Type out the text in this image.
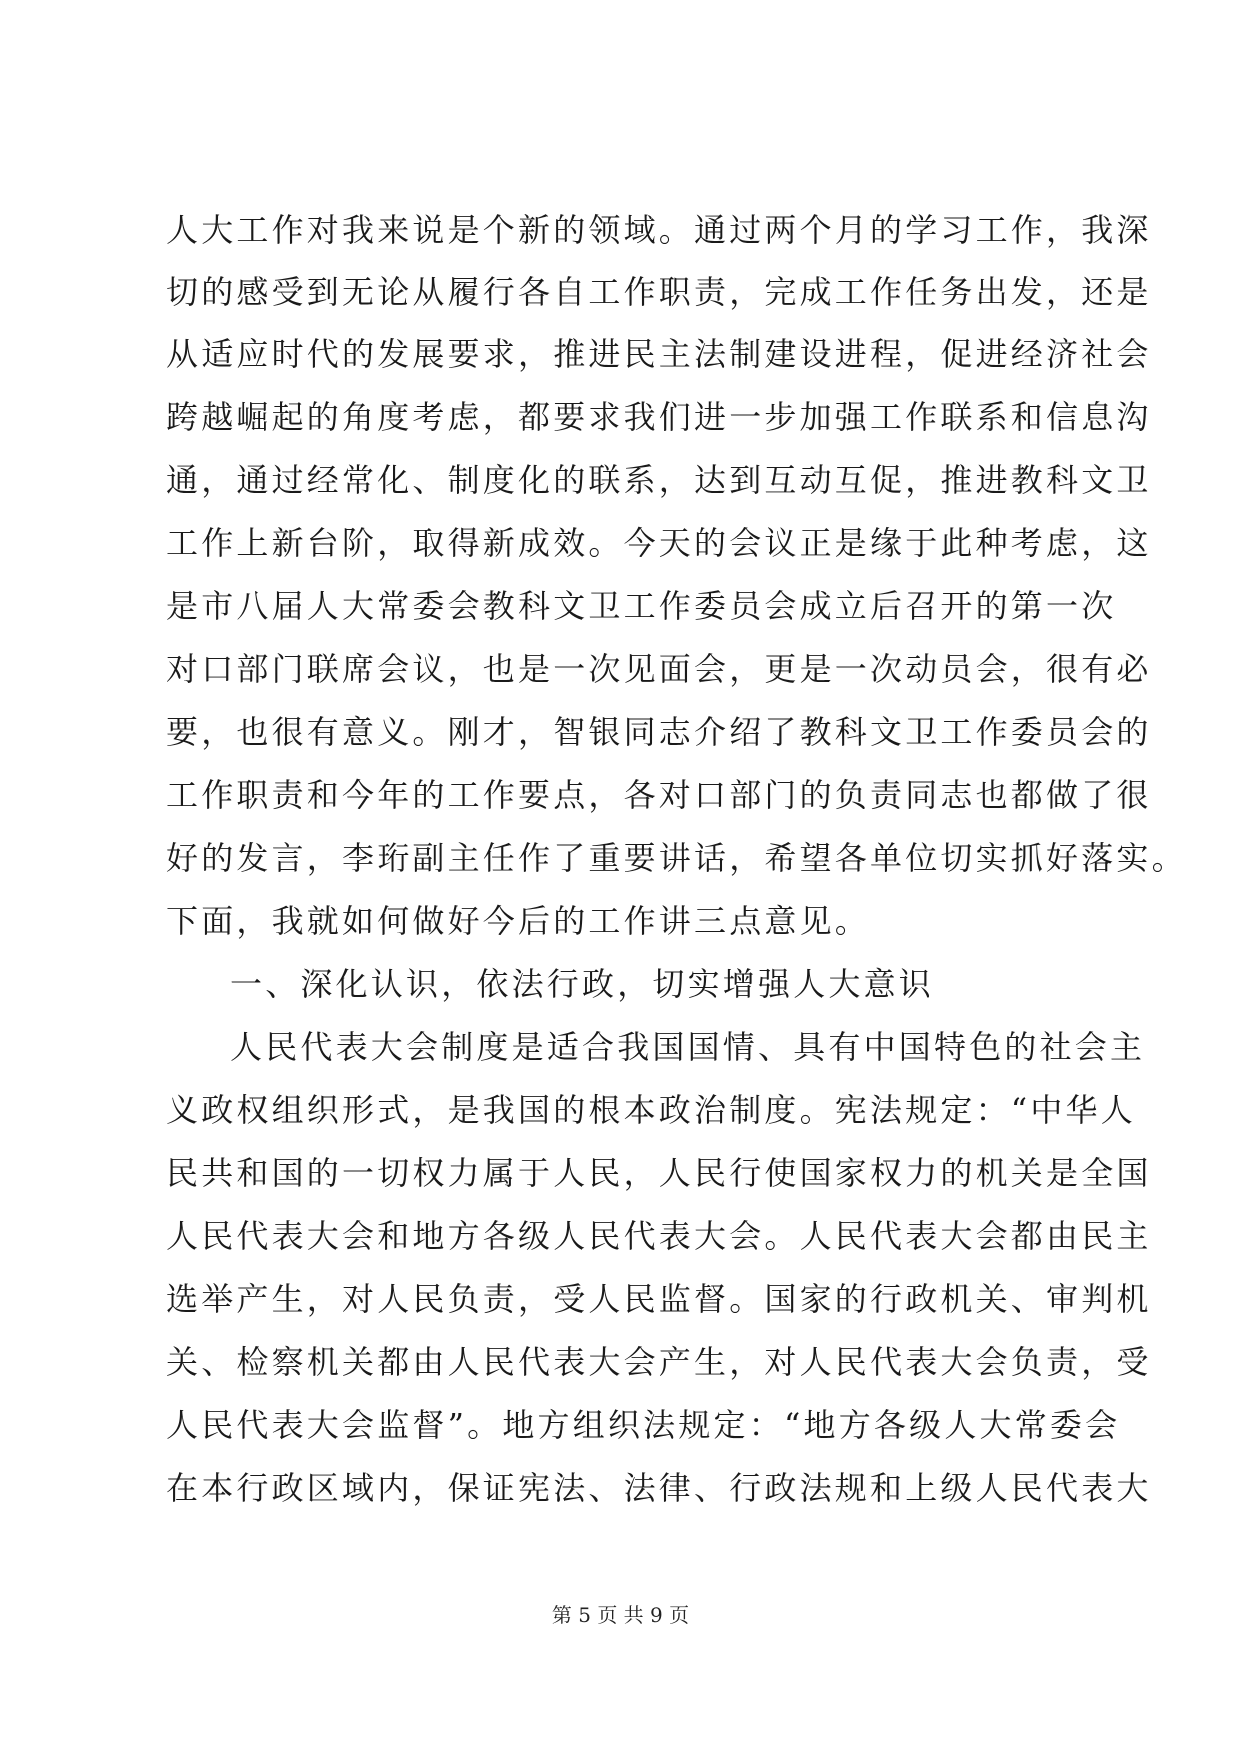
人大工作对我来说是个新的领域。通过两个月的学习工作，我深
切的感受到无论从履行各自工作职责，完成工作任务出发，还是
从适应时代的发展要求，推进民主法制建设进程，促进经济社会
跨越崛起的角度考虑，都要求我们进一步加强工作联系和信息沟
通，通过经常化、制度化的联系，达到互动互促，推进教科文卫
工作上新台阶，取得新成效。今天的会议正是缘于此种考虑，这
是市八届人大常委会教科文卫工作委员会成立后召开的第一次
对口部门联席会议，也是一次见面会，更是一次动员会，很有必
要，也很有意义。刚才，智银同志介绍了教科文卫工作委员会的
工作职责和今年的工作要点，各对口部门的负责同志也都做了很
好的发言，李珩副主任作了重要讲话，希望各单位切实抓好落实。
下面，我就如何做好今后的工作讲三点意见。
一、深化认识，依法行政，切实增强人大意识
人民代表大会制度是适合我国国情、具有中国特色的社会主
义政权组织形式，是我国的根本政治制度。宪法规定：“中华人
民共和国的一切权力属于人民，人民行使国家权力的机关是全国
人民代表大会和地方各级人民代表大会。人民代表大会都由民主
选举产生，对人民负责，受人民监督。国家的行政机关、审判机
关、检察机关都由人民代表大会产生，对人民代表大会负责，受
人民代表大会监督”。地方组织法规定：“地方各级人大常委会
在本行政区域内，保证宪法、法律、行政法规和上级人民代表大
第 5 页 共 9 页
